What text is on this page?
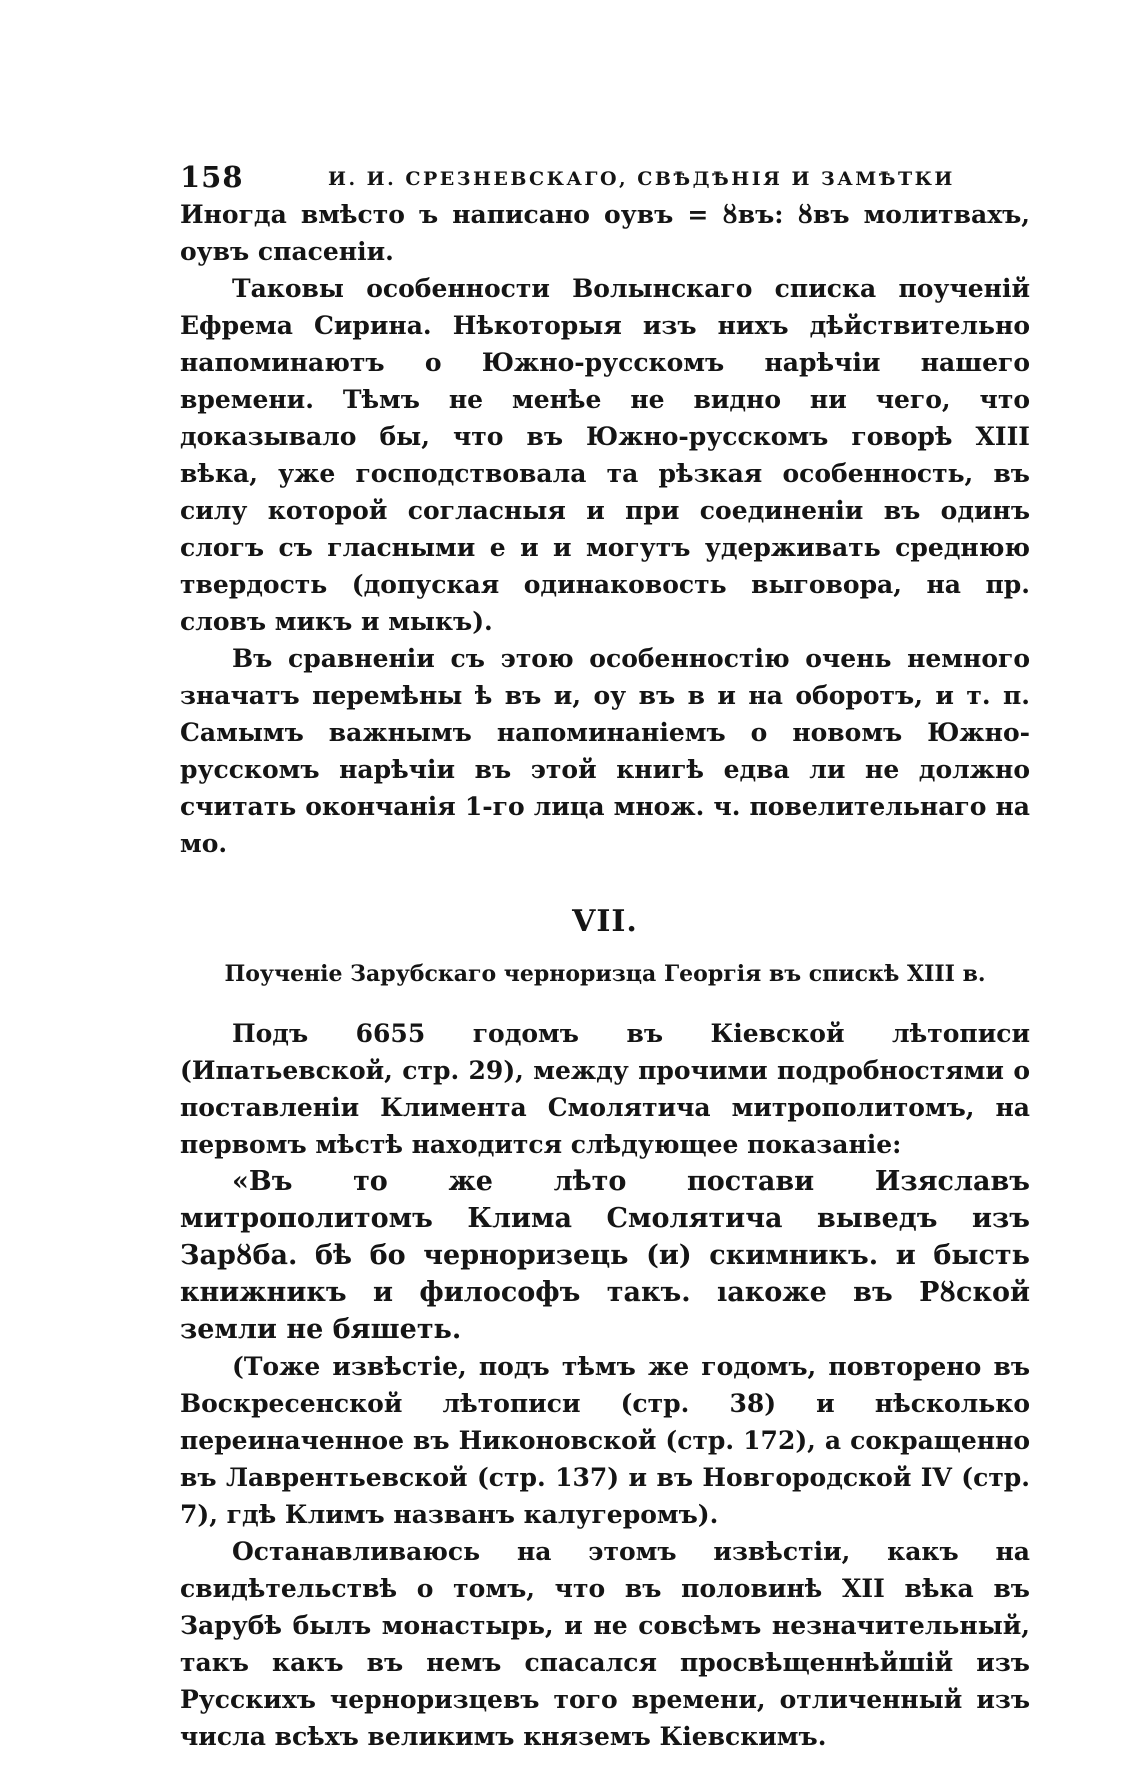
158	И. И. СРЕЗНЕВСКАГО, СВѢДѢНІЯ И ЗАМѢТКИ

Иногда вмѣсто ъ написано оувъ = ȣвъ: ȣвъ молитвахъ, оувъ спасенiи.

Таковы особенности Волынскаго списка поученій Ефрема Сирина. Нѣкоторыя изъ нихъ дѣйствительно напоминаютъ о Южно-русскомъ нарѣчіи нашего времени. Тѣмъ не менѣе не видно ни чего, что доказывало бы, что въ Южно-русскомъ говорѣ XIII вѣка, уже господствовала та рѣзкая особенность, въ силу которой согласныя и при соединеніи въ одинъ слогъ съ гласными е и и могутъ удерживать среднюю твердость (допуская одинаковость выговора, на пр. словъ микъ и мыкъ).

Въ сравненіи съ этою особенностію очень немного значатъ перемѣны ѣ въ и, оу въ в и на оборотъ, и т. п. Самымъ важнымъ напоминаніемъ о новомъ Южно-русскомъ нарѣчіи въ этой книгѣ едва ли не должно считать окончанія 1-го лица множ. ч. повелительнаго на мо.

VII.
Поученіе Зарубскаго черноризца Георгія въ спискѣ XIII в.

Подъ 6655 годомъ въ Кіевской лѣтописи (Ипатьевской, стр. 29), между прочими подробностями о поставленіи Климента Смолятича митрополитомъ, на первомъ мѣстѣ находится слѣдующее показаніе:

«Въ то же лѣто постави Изяславъ митрополитомъ Клима Смолятича выведъ изъ Зарȣба. бѣ бо черноризець (и) скимникъ. и бысть книжникъ и философъ такъ. ıакоже въ Рȣской земли не бяшеть.

(Тоже извѣстіе, подъ тѣмъ же годомъ, повторено въ Воскресенской лѣтописи (стр. 38) и нѣсколько переиначенное въ Никоновской (стр. 172), а сокращенно въ Лаврентьевской (стр. 137) и въ Новгородской IV (стр. 7), гдѣ Климъ названъ калугеромъ).

Останавливаюсь на этомъ извѣстіи, какъ на свидѣтельствѣ о томъ, что въ половинѣ XII вѣка въ Зарубѣ былъ монастырь, и не совсѣмъ незначительный, такъ какъ въ немъ спасался просвѣщеннѣйшій изъ Русскихъ черноризцевъ того времени, отличенный изъ числа всѣхъ великимъ княземъ Кіевскимъ.
